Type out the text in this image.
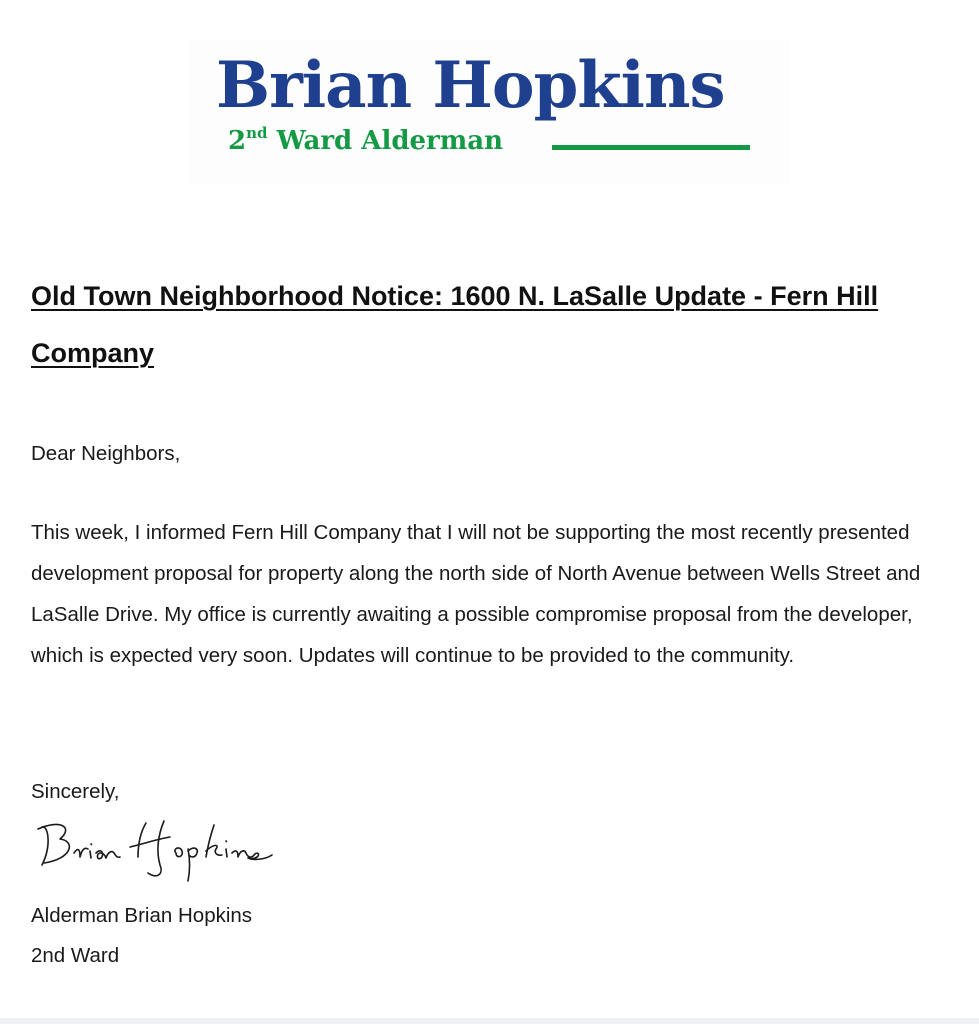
Brian Hopkins
2nd Ward Alderman
Old Town Neighborhood Notice: 1600 N. LaSalle Update - Fern Hill Company

Dear Neighbors,

This week, I informed Fern Hill Company that I will not be supporting the most recently presented development proposal for property along the north side of North Avenue between Wells Street and LaSalle Drive. My office is currently awaiting a possible compromise proposal from the developer, which is expected very soon. Updates will continue to be provided to the community.

Sincerely,

Alderman Brian Hopkins

2nd Ward
